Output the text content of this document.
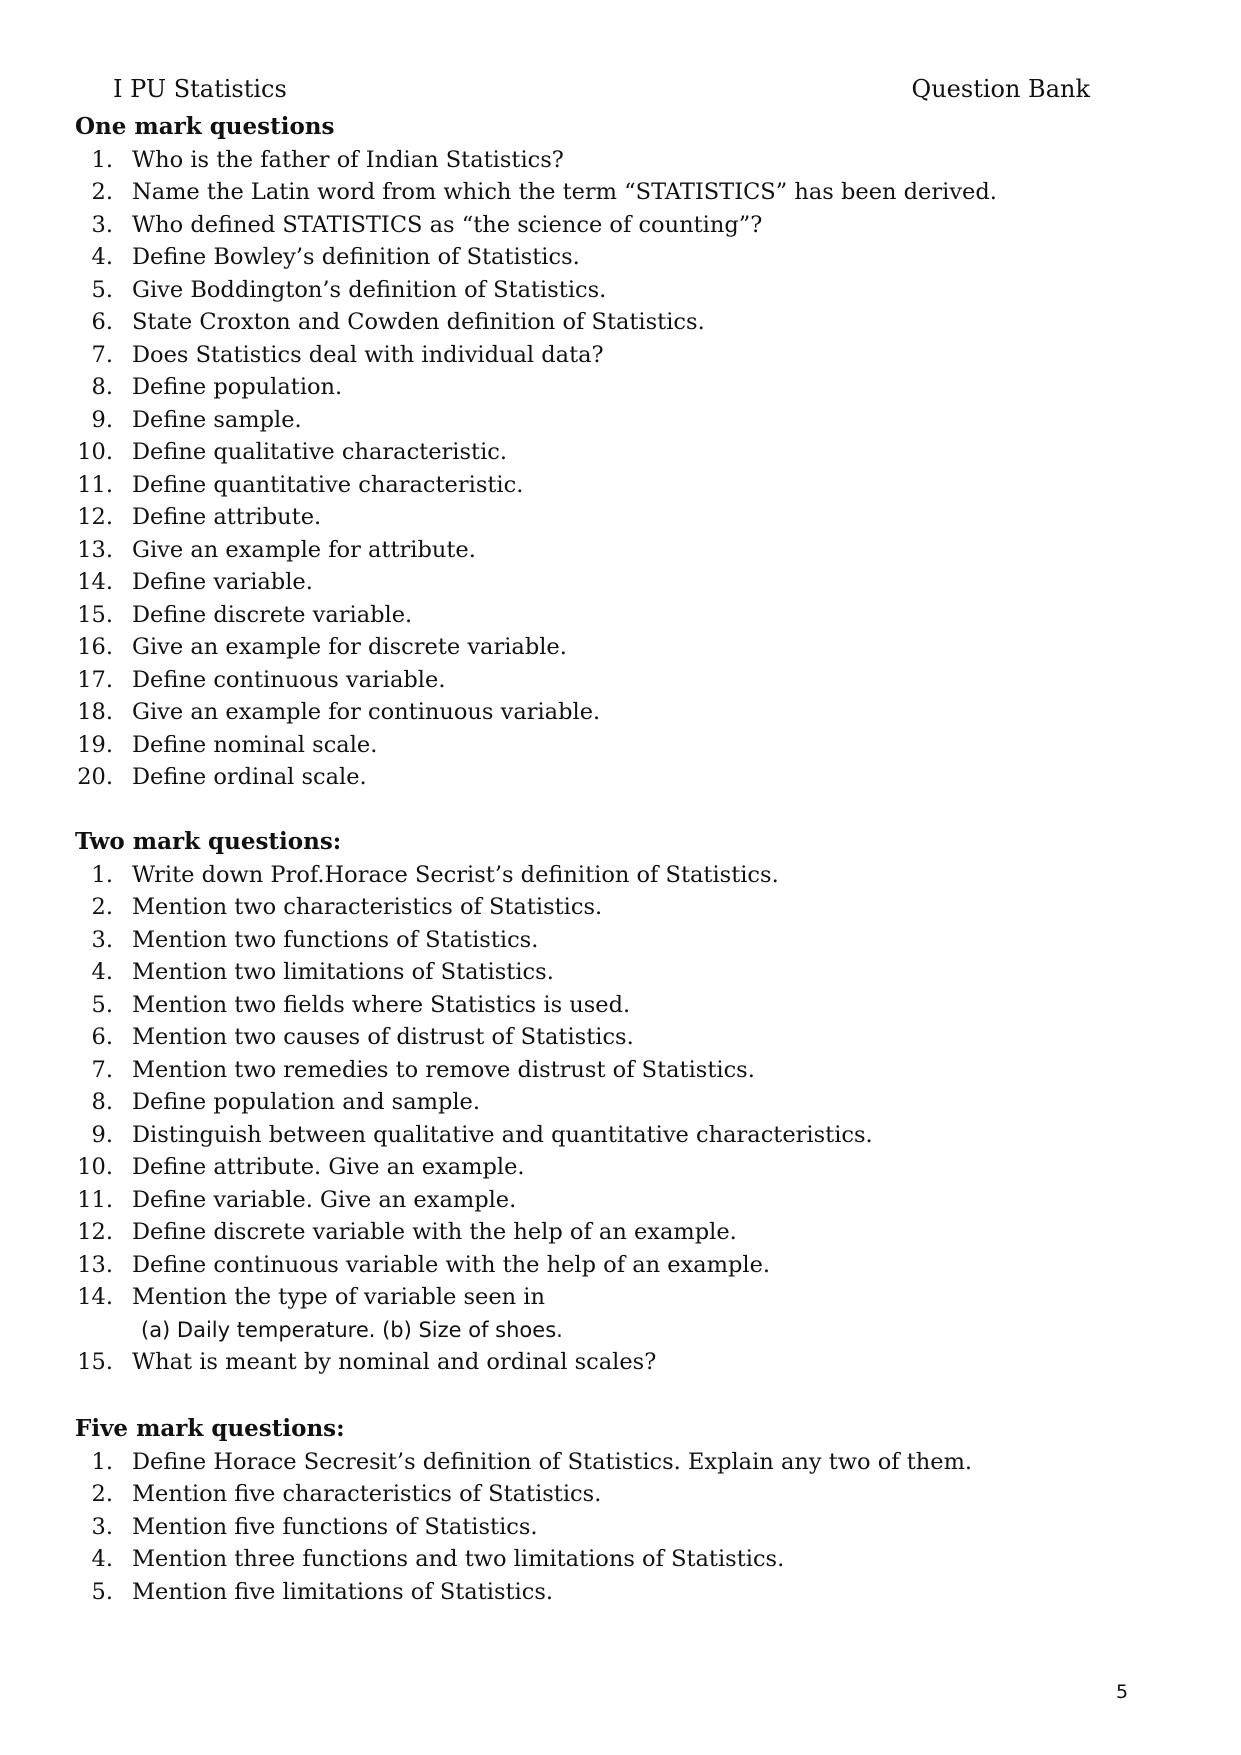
I PU Statistics	Question Bank
One mark questions
1. Who is the father of Indian Statistics?
2. Name the Latin word from which the term “STATISTICS” has been derived.
3. Who defined STATISTICS as “the science of counting”?
4. Define Bowley’s definition of Statistics.
5. Give Boddington’s definition of Statistics.
6. State Croxton and Cowden definition of Statistics.
7. Does Statistics deal with individual data?
8. Define population.
9. Define sample.
10. Define qualitative characteristic.
11. Define quantitative characteristic.
12. Define attribute.
13. Give an example for attribute.
14. Define variable.
15. Define discrete variable.
16. Give an example for discrete variable.
17. Define continuous variable.
18. Give an example for continuous variable.
19. Define nominal scale.
20. Define ordinal scale.
Two mark questions:
1. Write down Prof.Horace Secrist’s definition of Statistics.
2. Mention two characteristics of Statistics.
3. Mention two functions of Statistics.
4. Mention two limitations of Statistics.
5. Mention two fields where Statistics is used.
6. Mention two causes of distrust of Statistics.
7. Mention two remedies to remove distrust of Statistics.
8. Define population and sample.
9. Distinguish between qualitative and quantitative characteristics.
10. Define attribute. Give an example.
11. Define variable. Give an example.
12. Define discrete variable with the help of an example.
13. Define continuous variable with the help of an example.
14. Mention the type of variable seen in
(a) Daily temperature. (b) Size of shoes.
15. What is meant by nominal and ordinal scales?
Five mark questions:
1. Define Horace Secresit’s definition of Statistics. Explain any two of them.
2. Mention five characteristics of Statistics.
3. Mention five functions of Statistics.
4. Mention three functions and two limitations of Statistics.
5. Mention five limitations of Statistics.
5
